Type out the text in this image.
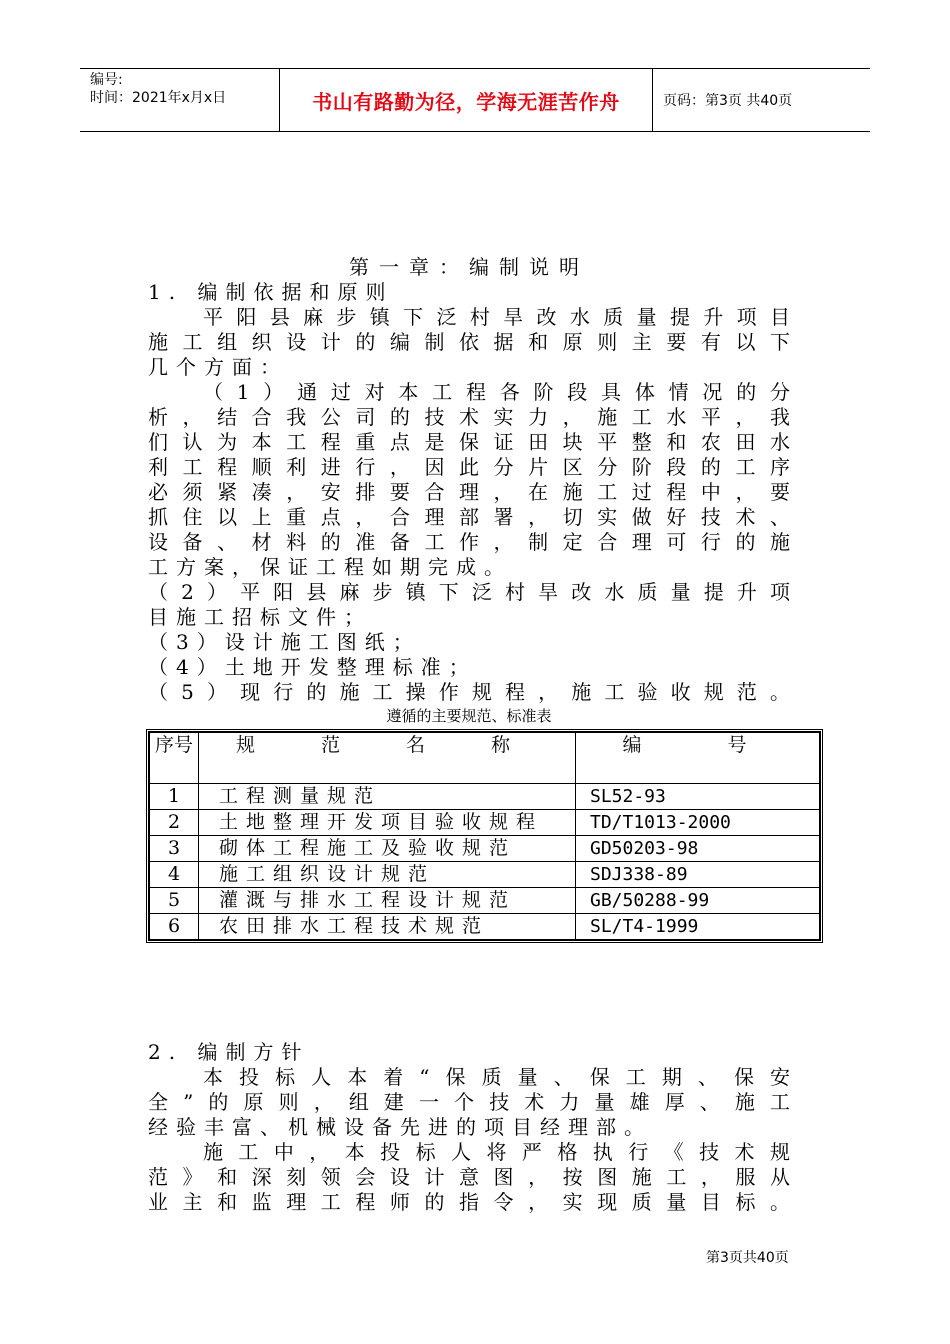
编号:
时间：2021年x月x日	书山有路勤为径，学海无涯苦作舟	页码：第3页 共40页
第一章：编制说明
1. 编制依据和原则
平阳县麻步镇下泛村旱改水质量提升项目
施工组织设计的编制依据和原则主要有以下
几个方面：
（1）通过对本工程各阶段具体情况的分
析，结合我公司的技术实力，施工水平，我
们认为本工程重点是保证田块平整和农田水
利工程顺利进行，因此分片区分阶段的工序
必须紧凑，安排要合理，在施工过程中，要
抓住以上重点，合理部署，切实做好技术、
设备、材料的准备工作，制定合理可行的施
工方案，保证工程如期完成。
（2）平阳县麻步镇下泛村旱改水质量提升项
目施工招标文件；
（3）设计施工图纸；
（4）土地开发整理标准；
（5）现行的施工操作规程，施工验收规范。
遵循的主要规范、标准表
序号	规 范 名 称	编 号
1	工程测量规范	SL52-93
2	土地整理开发项目验收规程	TD/T1013-2000
3	砌体工程施工及验收规范	GD50203-98
4	施工组织设计规范	SDJ338-89
5	灌溉与排水工程设计规范	GB/50288-99
6	农田排水工程技术规范	SL/T4-1999
2. 编制方针
本投标人本着“保质量、保工期、保安
全”的原则，组建一个技术力量雄厚、施工
经验丰富、机械设备先进的项目经理部。
施工中，本投标人将严格执行《技术规
范》和深刻领会设计意图，按图施工，服从
业主和监理工程师的指令，实现质量目标。
第3页共40页
